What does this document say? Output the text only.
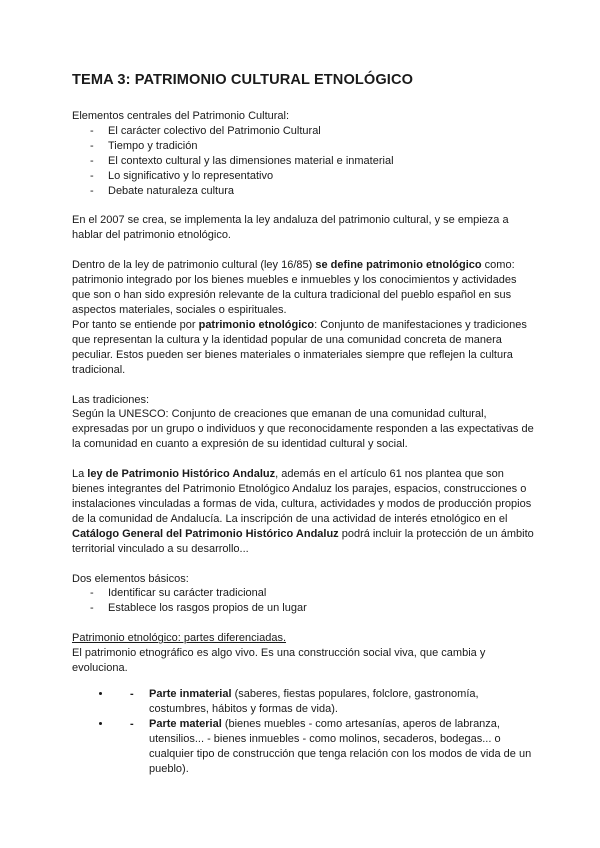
TEMA 3: PATRIMONIO CULTURAL ETNOLÓGICO

Elementos centrales del Patrimonio Cultural:

- El carácter colectivo del Patrimonio Cultural
- Tiempo y tradición
- El contexto cultural y las dimensiones material e inmaterial
- Lo significativo y lo representativo
- Debate naturaleza cultura

En el 2007 se crea, se implementa la ley andaluza del patrimonio cultural, y se empieza a hablar del patrimonio etnológico.

Dentro de la ley de patrimonio cultural (ley 16/85) se define patrimonio etnológico como: patrimonio integrado por los bienes muebles e inmuebles y los conocimientos y actividades que son o han sido expresión relevante de la cultura tradicional del pueblo español en sus aspectos materiales, sociales o espirituales.

Por tanto se entiende por patrimonio etnológico: Conjunto de manifestaciones y tradiciones que representan la cultura y la identidad popular de una comunidad concreta de manera peculiar. Estos pueden ser bienes materiales o inmateriales siempre que reflejen la cultura tradicional.

Las tradiciones:

Según la UNESCO: Conjunto de creaciones que emanan de una comunidad cultural, expresadas por un grupo o individuos y que reconocidamente responden a las expectativas de la comunidad en cuanto a expresión de su identidad cultural y social.

La ley de Patrimonio Histórico Andaluz, además en el artículo 61 nos plantea que son bienes integrantes del Patrimonio Etnológico Andaluz los parajes, espacios, construcciones o instalaciones vinculadas a formas de vida, cultura, actividades y modos de producción propios de la comunidad de Andalucía. La inscripción de una actividad de interés etnológico en el Catálogo General del Patrimonio Histórico Andaluz podrá incluir la protección de un ámbito territorial vinculado a su desarrollo...

Dos elementos básicos:

- Identificar su carácter tradicional
- Establece los rasgos propios de un lugar

Patrimonio etnológico: partes diferenciadas.

El patrimonio etnográfico es algo vivo. Es una construcción social viva, que cambia y evoluciona.

- • Parte inmaterial (saberes, fiestas populares, folclore, gastronomía, costumbres, hábitos y formas de vida).
- • Parte material (bienes muebles - como artesanías, aperos de labranza, utensilios... - bienes inmuebles - como molinos, secaderos, bodegas... o cualquier tipo de construcción que tenga relación con los modos de vida de un pueblo).
